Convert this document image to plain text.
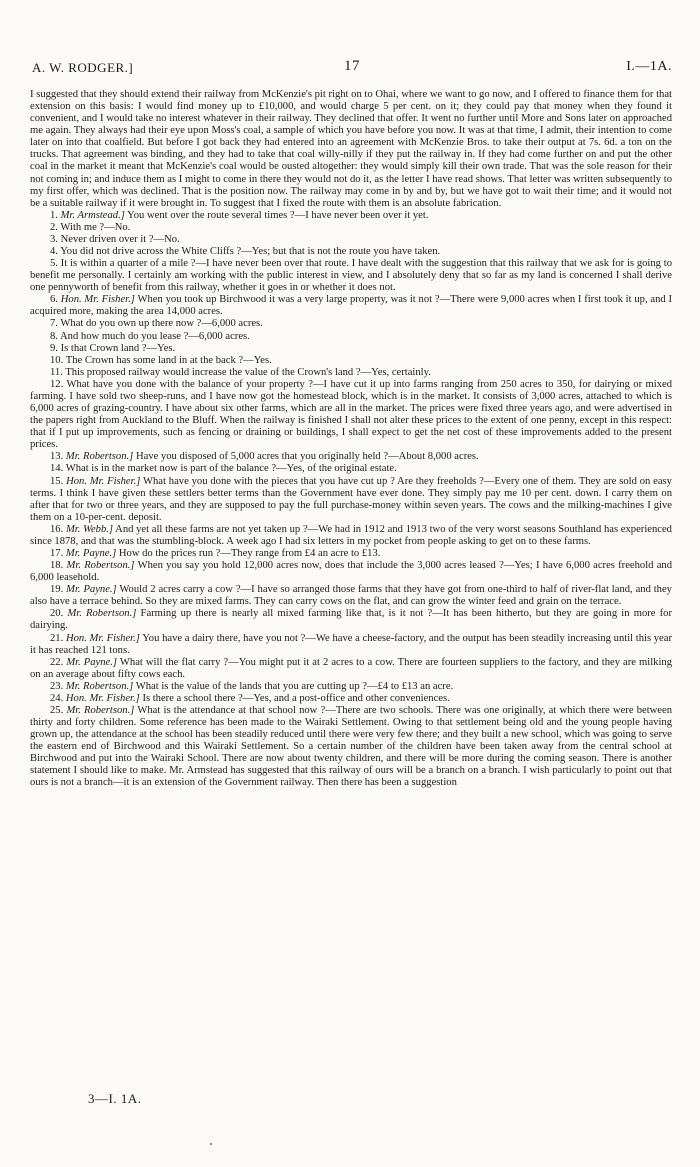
A. W. RODGER.]	17	I.—1A.

I suggested that they should extend their railway from McKenzie's pit right on to Ohai, where we want to go now, and I offered to finance them for that extension on this basis: I would find money up to £10,000, and would charge 5 per cent. on it; they could pay that money when they found it convenient, and I would take no interest whatever in their railway. They declined that offer. It went no further until More and Sons later on approached me again. They always had their eye upon Moss's coal, a sample of which you have before you now. It was at that time, I admit, their intention to come later on into that coalfield. But before I got back they had entered into an agreement with McKenzie Bros. to take their output at 7s. 6d. a ton on the trucks. That agreement was binding, and they had to take that coal willy-nilly if they put the railway in. If they had come further on and put the other coal in the market it meant that McKenzie's coal would be ousted altogether: they would simply kill their own trade. That was the sole reason for their not coming in; and induce them as I might to come in there they would not do it, as the letter I have read shows. That letter was written subsequently to my first offer, which was declined. That is the position now. The railway may come in by and by, but we have got to wait their time; and it would not be a suitable railway if it were brought in. To suggest that I fixed the route with them is an absolute fabrication.

1. Mr. Armstead.] You went over the route several times ?—I have never been over it yet.

2. With me ?—No.

3. Never driven over it ?—No.

4. You did not drive across the White Cliffs ?—Yes; but that is not the route you have taken.

5. It is within a quarter of a mile ?—I have never been over that route. I have dealt with the suggestion that this railway that we ask for is going to benefit me personally. I certainly am working with the public interest in view, and I absolutely deny that so far as my land is concerned I shall derive one pennyworth of benefit from this railway, whether it goes in or whether it does not.

6. Hon. Mr. Fisher.] When you took up Birchwood it was a very large property, was it not ?—There were 9,000 acres when I first took it up, and I acquired more, making the area 14,000 acres.

7. What do you own up there now ?—6,000 acres.

8. And how much do you lease ?—6,000 acres.

9. Is that Crown land ?—Yes.

10. The Crown has some land in at the back ?—Yes.

11. This proposed railway would increase the value of the Crown's land ?—Yes, certainly.

12. What have you done with the balance of your property ?—I have cut it up into farms ranging from 250 acres to 350, for dairying or mixed farming. I have sold two sheep-runs, and I have now got the homestead block, which is in the market. It consists of 3,000 acres, attached to which is 6,000 acres of grazing-country. I have about six other farms, which are all in the market. The prices were fixed three years ago, and were advertised in the papers right from Auckland to the Bluff. When the railway is finished I shall not alter these prices to the extent of one penny, except in this respect: that if I put up improvements, such as fencing or draining or buildings, I shall expect to get the net cost of these improvements added to the present prices.

13. Mr. Robertson.] Have you disposed of 5,000 acres that you originally held ?—About 8,000 acres.

14. What is in the market now is part of the balance ?—Yes, of the original estate.

15. Hon. Mr. Fisher.] What have you done with the pieces that you have cut up ? Are they freeholds ?—Every one of them. They are sold on easy terms. I think I have given these settlers better terms than the Government have ever done. They simply pay me 10 per cent. down. I carry them on after that for two or three years, and they are supposed to pay the full purchase-money within seven years. The cows and the milking-machines I give them on a 10-per-cent. deposit.

16. Mr. Webb.] And yet all these farms are not yet taken up ?—We had in 1912 and 1913 two of the very worst seasons Southland has experienced since 1878, and that was the stumbling-block. A week ago I had six letters in my pocket from people asking to get on to these farms.

17. Mr. Payne.] How do the prices run ?—They range from £4 an acre to £13.

18. Mr. Robertson.] When you say you hold 12,000 acres now, does that include the 3,000 acres leased ?—Yes; I have 6,000 acres freehold and 6,000 leasehold.

19. Mr. Payne.] Would 2 acres carry a cow ?—I have so arranged those farms that they have got from one-third to half of river-flat land, and they also have a terrace behind. So they are mixed farms. They can carry cows on the flat, and can grow the winter feed and grain on the terrace.

20. Mr. Robertson.] Farming up there is nearly all mixed farming like that, is it not ?—It has been hitherto, but they are going in more for dairying.

21. Hon. Mr. Fisher.] You have a dairy there, have you not ?—We have a cheese-factory, and the output has been steadily increasing until this year it has reached 121 tons.

22. Mr. Payne.] What will the flat carry ?—You might put it at 2 acres to a cow. There are fourteen suppliers to the factory, and they are milking on an average about fifty cows each.

23. Mr. Robertson.] What is the value of the lands that you are cutting up ?—£4 to £13 an acre.

24. Hon. Mr. Fisher.] Is there a school there ?—Yes, and a post-office and other conveniences.

25. Mr. Robertson.] What is the attendance at that school now ?—There are two schools. There was one originally, at which there were between thirty and forty children. Some reference has been made to the Wairaki Settlement. Owing to that settlement being old and the young people having grown up, the attendance at the school has been steadily reduced until there were very few there; and they built a new school, which was going to serve the eastern end of Birchwood and this Wairaki Settlement. So a certain number of the children have been taken away from the central school at Birchwood and put into the Wairaki School. There are now about twenty children, and there will be more during the coming season. There is another statement I should like to make. Mr. Armstead has suggested that this railway of ours will be a branch on a branch. I wish particularly to point out that ours is not a branch—it is an extension of the Government railway. Then there has been a suggestion

3—I. 1A.
